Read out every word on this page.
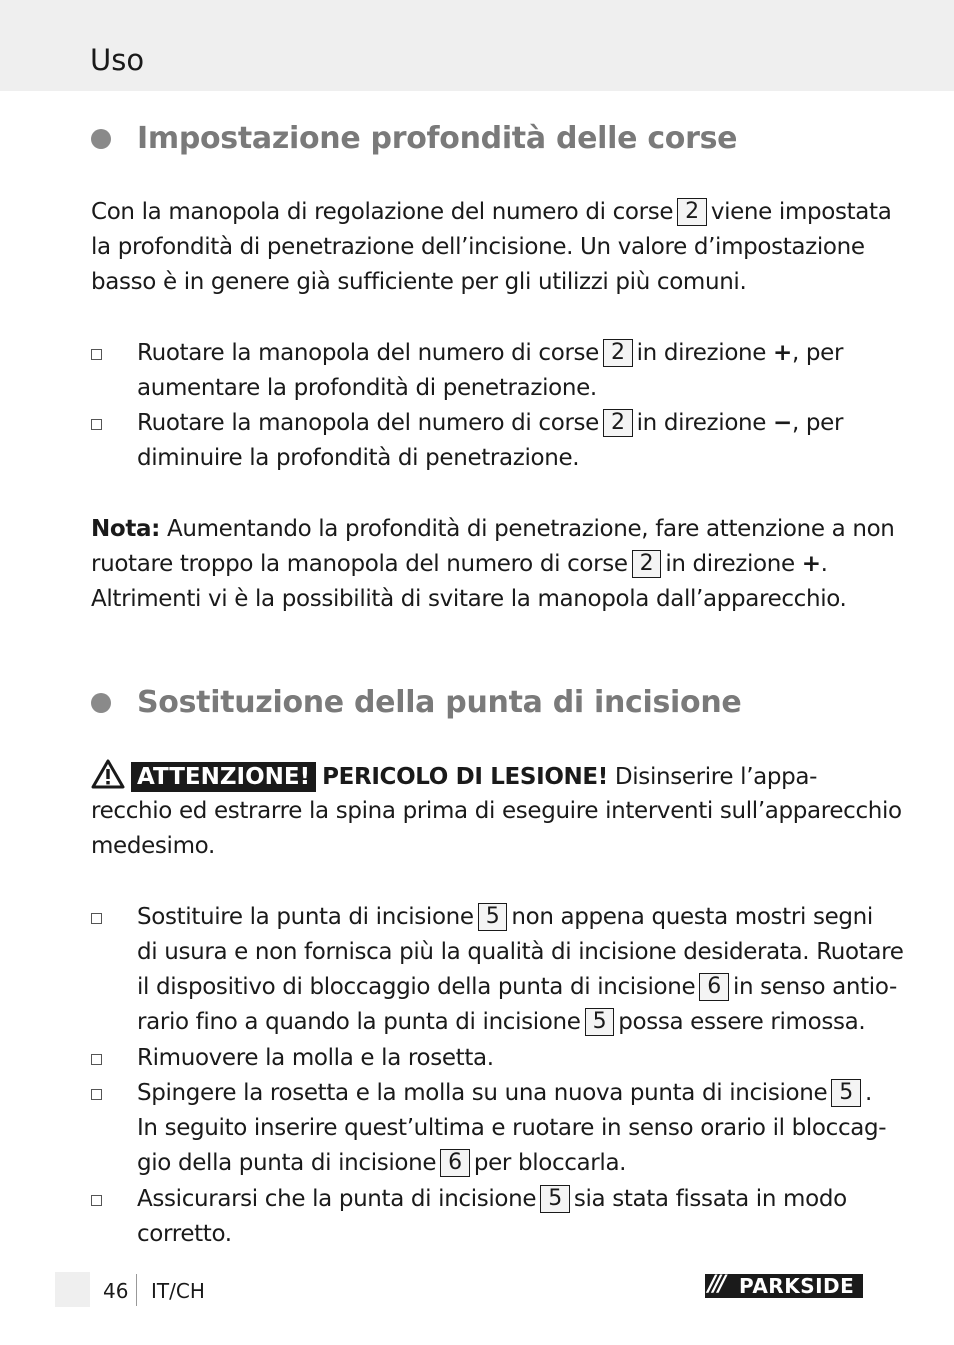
Uso
Impostazione profondità delle corse

Con la manopola di regolazione del numero di corse 2 viene impostata
la profondità di penetrazione dell’incisione. Un valore d’impostazione
basso è in genere già sufficiente per gli utilizzi più comuni.

Ruotare la manopola del numero di corse 2 in direzione +, per
aumentare la profondità di penetrazione.

Ruotare la manopola del numero di corse 2 in direzione −, per
diminuire la profondità di penetrazione.

Nota: Aumentando la profondità di penetrazione, fare attenzione a non
ruotare troppo la manopola del numero di corse 2 in direzione +.
Altrimenti vi è la possibilità di svitare la manopola dall’apparecchio.

Sostituzione della punta di incisione

ATTENZIONE! PERICOLO DI LESIONE! Disinserire l’appa-
recchio ed estrarre la spina prima di eseguire interventi sull’apparecchio
medesimo.

Sostituire la punta di incisione 5 non appena questa mostri segni
di usura e non fornisca più la qualità di incisione desiderata. Ruotare
il dispositivo di bloccaggio della punta di incisione 6 in senso antio-
rario fino a quando la punta di incisione 5 possa essere rimossa.

Rimuovere la molla e la rosetta.

Spingere la rosetta e la molla su una nuova punta di incisione 5 .
In seguito inserire quest’ultima e ruotare in senso orario il bloccag-
gio della punta di incisione 6 per bloccarla.

Assicurarsi che la punta di incisione 5 sia stata fissata in modo
corretto.

46 IT/CH	/// PARKSIDE
